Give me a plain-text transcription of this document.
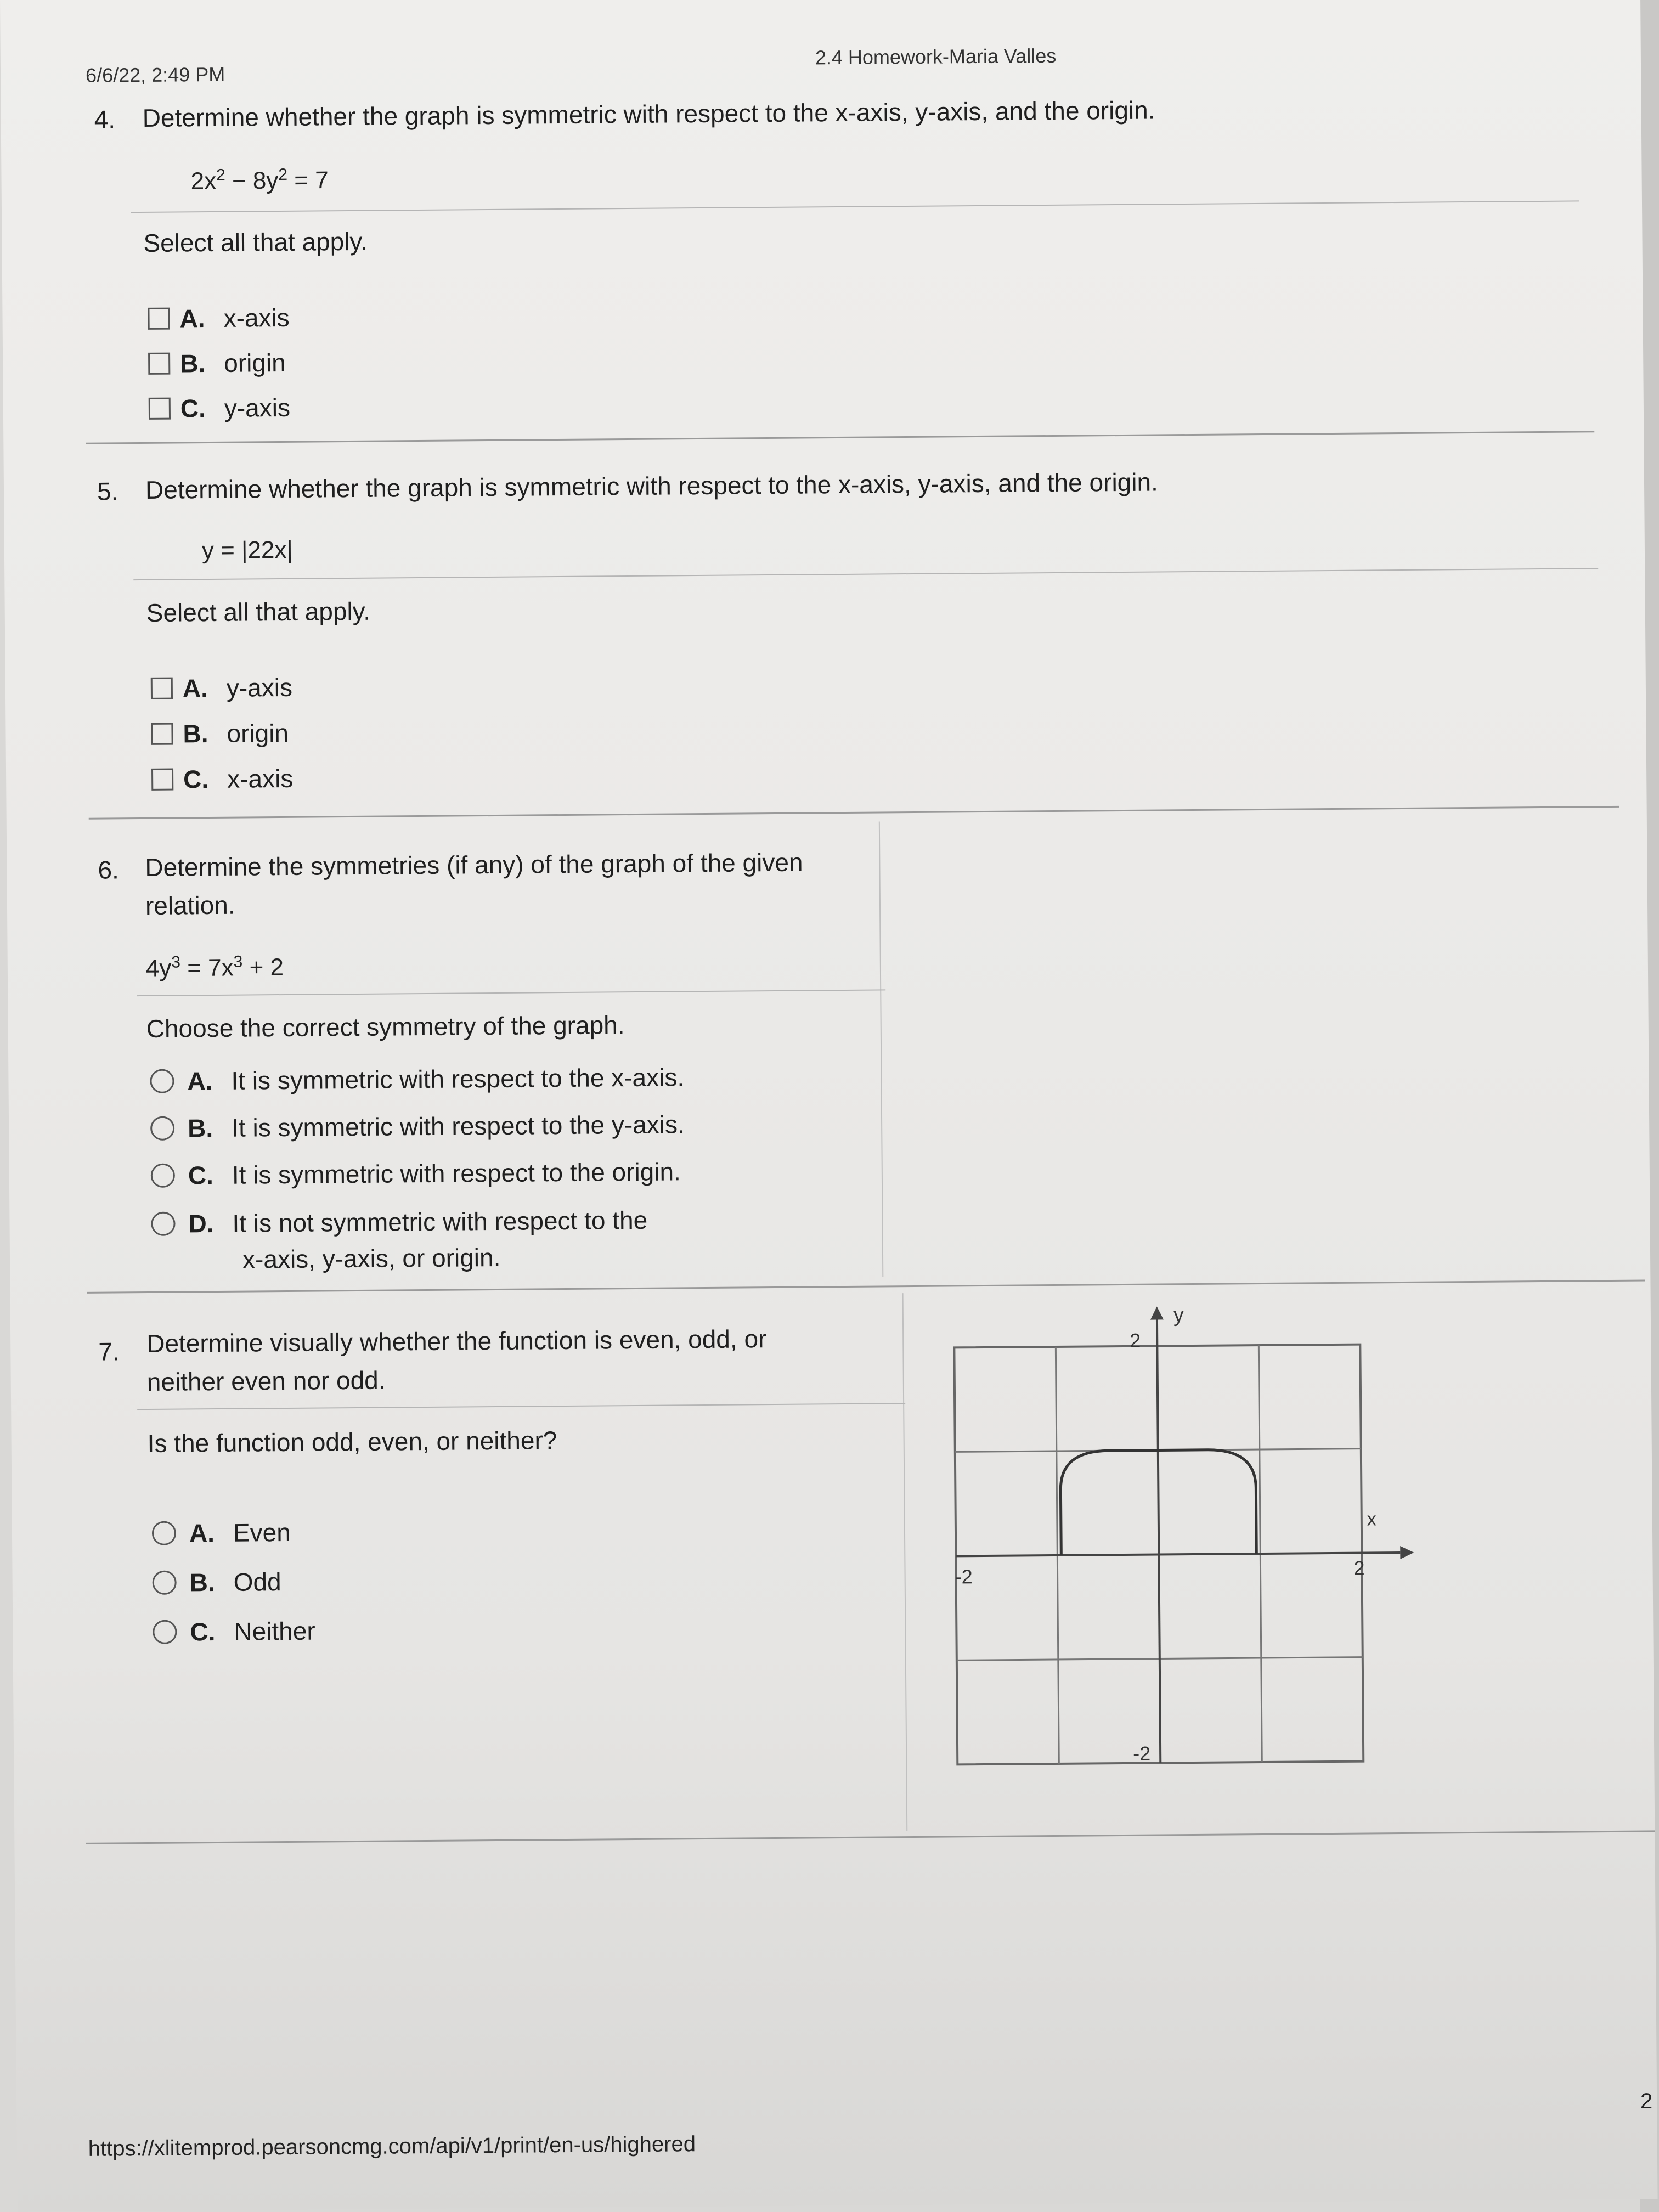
6/6/22, 2:49 PM
2.4 Homework-Maria Valles
4. Determine whether the graph is symmetric with respect to the x-axis, y-axis, and the origin.
$2x^2 - 8y^2 = 7$
Select all that apply.
A. x-axis
B. origin
C. y-axis
5. Determine whether the graph is symmetric with respect to the x-axis, y-axis, and the origin.
y = |22x|
Select all that apply.
A. y-axis
B. origin
C. x-axis
6. Determine the symmetries (if any) of the graph of the given
relation.
$4y^3 = 7x^3 + 2$
Choose the correct symmetry of the graph.
A. It is symmetric with respect to the x-axis.
B. It is symmetric with respect to the y-axis.
C. It is symmetric with respect to the origin.
D. It is not symmetric with respect to the
x-axis, y-axis, or origin.
7. Determine visually whether the function is even, odd, or
neither even nor odd.
Is the function odd, even, or neither?
A. Even
B. Odd
C. Neither
y
x
2
-2
-2	2
https://xlitemprod.pearsoncmg.com/api/v1/print/en-us/highered
2
